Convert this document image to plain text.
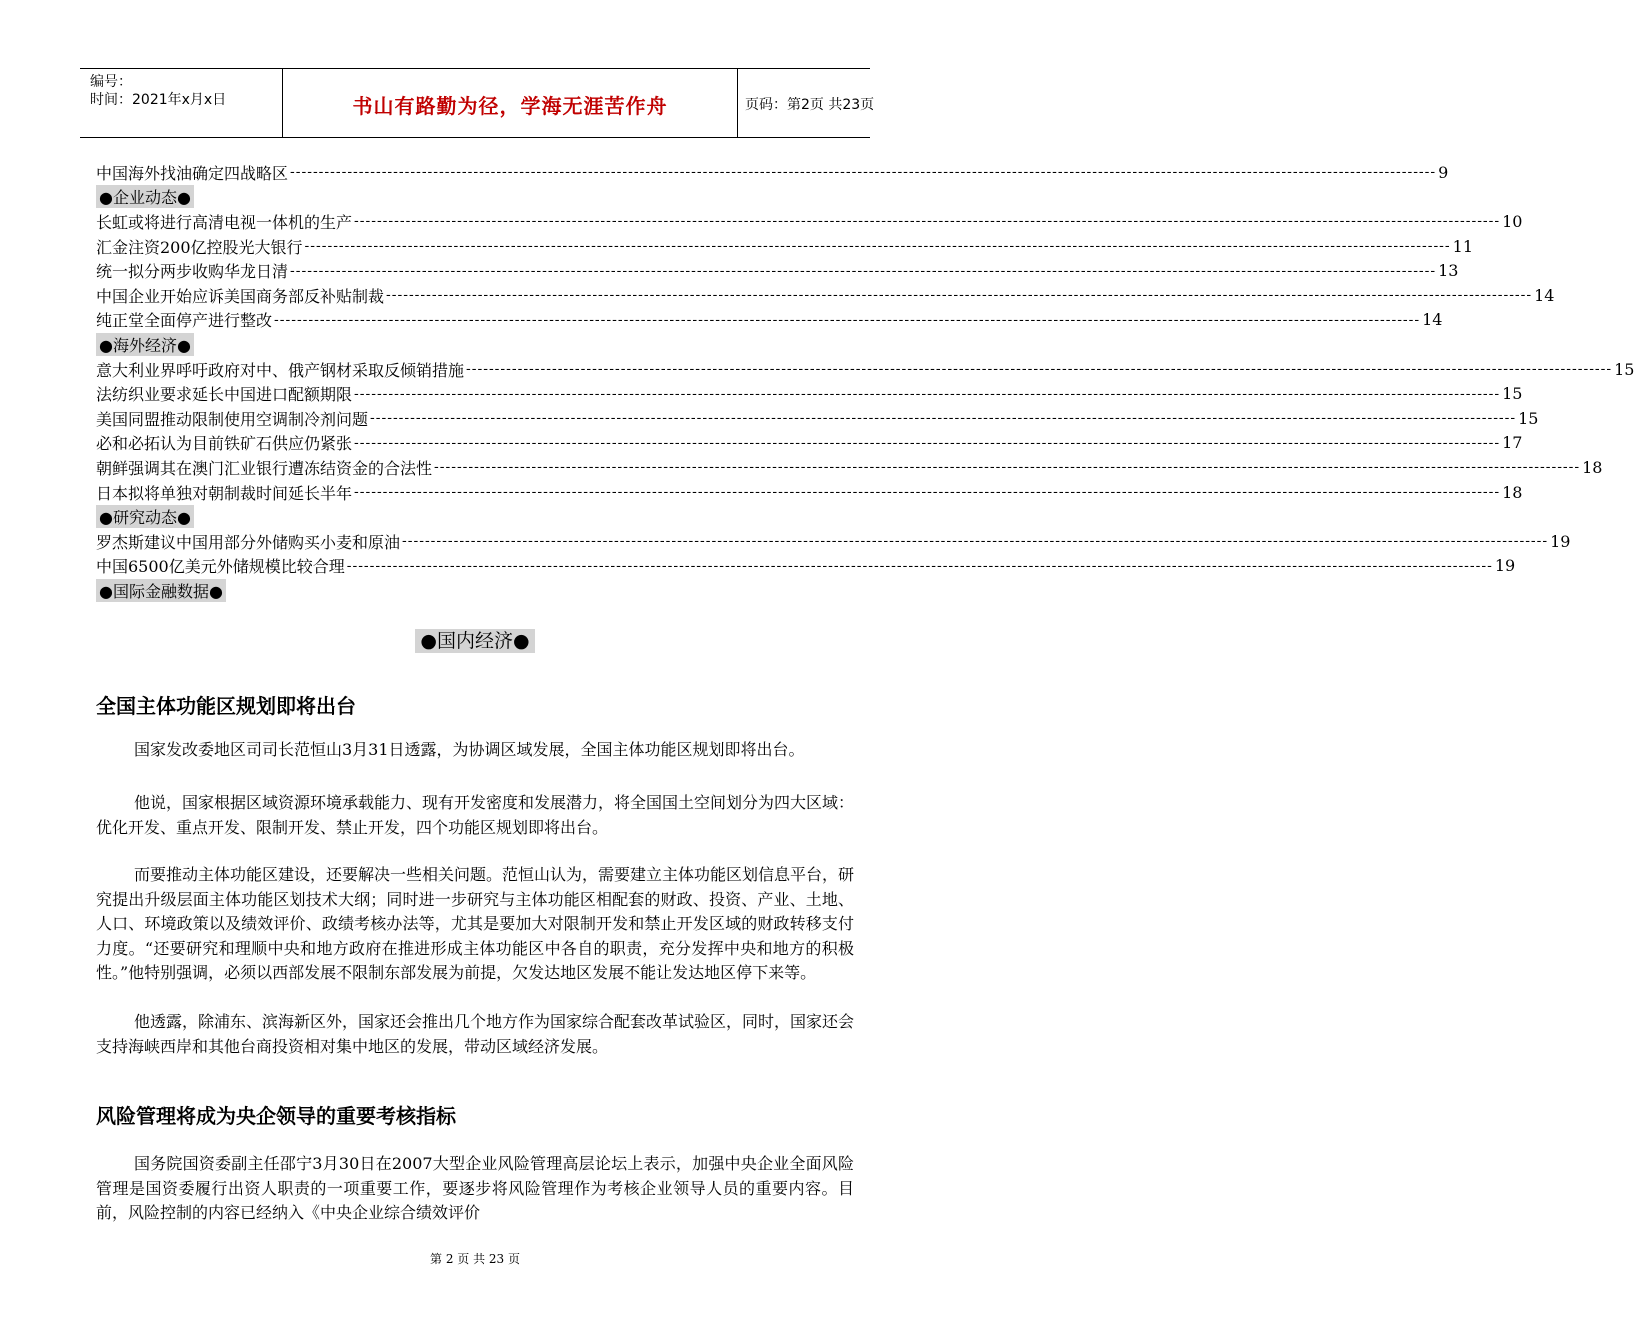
编号：
时间：2021年x月x日	书山有路勤为径，学海无涯苦作舟	页码：第2页 共23页
中国海外找油确定四战略区 -------------------------------------------------------------------------------------------------------------------------------------------------------------------------------------------------------- 9
●企业动态●
长虹或将进行高清电视一体机的生产 -------------------------------------------------------------------------------------------------------------------------------------------------------------------------------------------------------- 10
汇金注资200亿控股光大银行 -------------------------------------------------------------------------------------------------------------------------------------------------------------------------------------------------------- 11
统一拟分两步收购华龙日清 -------------------------------------------------------------------------------------------------------------------------------------------------------------------------------------------------------- 13
中国企业开始应诉美国商务部反补贴制裁 -------------------------------------------------------------------------------------------------------------------------------------------------------------------------------------------------------- 14
纯正堂全面停产进行整改 -------------------------------------------------------------------------------------------------------------------------------------------------------------------------------------------------------- 14
●海外经济●
意大利业界呼吁政府对中、俄产钢材采取反倾销措施 -------------------------------------------------------------------------------------------------------------------------------------------------------------------------------------------------------- 15
法纺织业要求延长中国进口配额期限 -------------------------------------------------------------------------------------------------------------------------------------------------------------------------------------------------------- 15
美国同盟推动限制使用空调制冷剂问题 -------------------------------------------------------------------------------------------------------------------------------------------------------------------------------------------------------- 15
必和必拓认为目前铁矿石供应仍紧张 -------------------------------------------------------------------------------------------------------------------------------------------------------------------------------------------------------- 17
朝鲜强调其在澳门汇业银行遭冻结资金的合法性 -------------------------------------------------------------------------------------------------------------------------------------------------------------------------------------------------------- 18
日本拟将单独对朝制裁时间延长半年 -------------------------------------------------------------------------------------------------------------------------------------------------------------------------------------------------------- 18
●研究动态●
罗杰斯建议中国用部分外储购买小麦和原油 -------------------------------------------------------------------------------------------------------------------------------------------------------------------------------------------------------- 19
中国6500亿美元外储规模比较合理 -------------------------------------------------------------------------------------------------------------------------------------------------------------------------------------------------------- 19
●国际金融数据●
●国内经济●
全国主体功能区规划即将出台
国家发改委地区司司长范恒山3月31日透露，为协调区域发展，全国主体功能区规划即将出台。
他说，国家根据区域资源环境承载能力、现有开发密度和发展潜力，将全国国土空间划分为四大区域：优化开发、重点开发、限制开发、禁止开发，四个功能区规划即将出台。
而要推动主体功能区建设，还要解决一些相关问题。范恒山认为，需要建立主体功能区划信息平台，研究提出升级层面主体功能区划技术大纲；同时进一步研究与主体功能区相配套的财政、投资、产业、土地、人口、环境政策以及绩效评价、政绩考核办法等，尤其是要加大对限制开发和禁止开发区域的财政转移支付力度。“还要研究和理顺中央和地方政府在推进形成主体功能区中各自的职责，充分发挥中央和地方的积极性。”他特别强调，必须以西部发展不限制东部发展为前提，欠发达地区发展不能让发达地区停下来等。
他透露，除浦东、滨海新区外，国家还会推出几个地方作为国家综合配套改革试验区，同时，国家还会支持海峡西岸和其他台商投资相对集中地区的发展，带动区域经济发展。
风险管理将成为央企领导的重要考核指标
国务院国资委副主任邵宁3月30日在2007大型企业风险管理高层论坛上表示，加强中央企业全面风险管理是国资委履行出资人职责的一项重要工作，要逐步将风险管理作为考核企业领导人员的重要内容。目前，风险控制的内容已经纳入《中央企业综合绩效评价
第 2 页 共 23 页
